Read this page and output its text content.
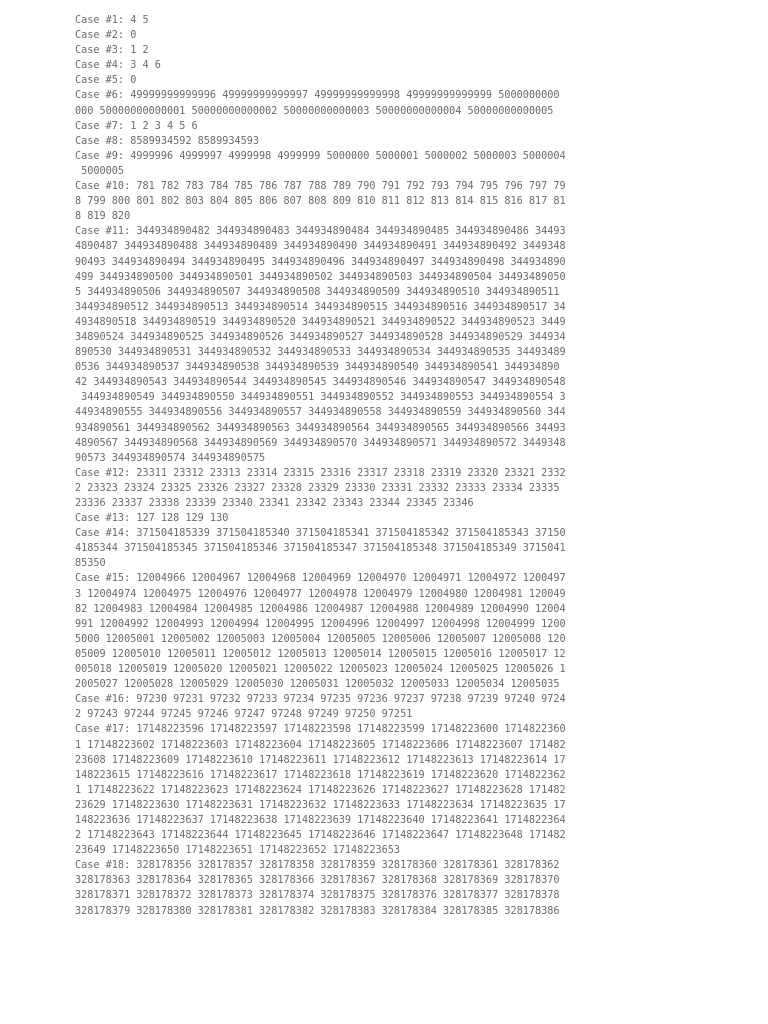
Case #1: 4 5
Case #2: 0
Case #3: 1 2
Case #4: 3 4 6
Case #5: 0
Case #6: 49999999999996 49999999999997 49999999999998 49999999999999 5000000000
000 50000000000001 50000000000002 50000000000003 50000000000004 50000000000005
Case #7: 1 2 3 4 5 6
Case #8: 8589934592 8589934593
Case #9: 4999996 4999997 4999998 4999999 5000000 5000001 5000002 5000003 5000004
5000005
Case #10: 781 782 783 784 785 786 787 788 789 790 791 792 793 794 795 796 797 79
8 799 800 801 802 803 804 805 806 807 808 809 810 811 812 813 814 815 816 817 81
8 819 820
Case #11: 344934890482 344934890483 344934890484 344934890485 344934890486 34493
4890487 344934890488 344934890489 344934890490 344934890491 344934890492 3449348
90493 344934890494 344934890495 344934890496 344934890497 344934890498 344934890
499 344934890500 344934890501 344934890502 344934890503 344934890504 34493489050
5 344934890506 344934890507 344934890508 344934890509 344934890510 344934890511
344934890512 344934890513 344934890514 344934890515 344934890516 344934890517 34
4934890518 344934890519 344934890520 344934890521 344934890522 344934890523 3449
34890524 344934890525 344934890526 344934890527 344934890528 344934890529 344934
890530 344934890531 344934890532 344934890533 344934890534 344934890535 34493489
0536 344934890537 344934890538 344934890539 344934890540 344934890541 344934890
42 344934890543 344934890544 344934890545 344934890546 344934890547 344934890548
344934890549 344934890550 344934890551 344934890552 344934890553 344934890554 3
44934890555 344934890556 344934890557 344934890558 344934890559 344934890560 344
934890561 344934890562 344934890563 344934890564 344934890565 344934890566 34493
4890567 344934890568 344934890569 344934890570 344934890571 344934890572 3449348
90573 344934890574 344934890575
Case #12: 23311 23312 23313 23314 23315 23316 23317 23318 23319 23320 23321 2332
2 23323 23324 23325 23326 23327 23328 23329 23330 23331 23332 23333 23334 23335
23336 23337 23338 23339 23340 23341 23342 23343 23344 23345 23346
Case #13: 127 128 129 130
Case #14: 371504185339 371504185340 371504185341 371504185342 371504185343 37150
4185344 371504185345 371504185346 371504185347 371504185348 371504185349 3715041
85350
Case #15: 12004966 12004967 12004968 12004969 12004970 12004971 12004972 1200497
3 12004974 12004975 12004976 12004977 12004978 12004979 12004980 12004981 120049
82 12004983 12004984 12004985 12004986 12004987 12004988 12004989 12004990 12004
991 12004992 12004993 12004994 12004995 12004996 12004997 12004998 12004999 1200
5000 12005001 12005002 12005003 12005004 12005005 12005006 12005007 12005008 120
05009 12005010 12005011 12005012 12005013 12005014 12005015 12005016 12005017 12
005018 12005019 12005020 12005021 12005022 12005023 12005024 12005025 12005026 1
2005027 12005028 12005029 12005030 12005031 12005032 12005033 12005034 12005035
Case #16: 97230 97231 97232 97233 97234 97235 97236 97237 97238 97239 97240 9724
2 97243 97244 97245 97246 97247 97248 97249 97250 97251
Case #17: 17148223596 17148223597 17148223598 17148223599 17148223600 1714822360
1 17148223602 17148223603 17148223604 17148223605 17148223606 17148223607 171482
23608 17148223609 17148223610 17148223611 17148223612 17148223613 17148223614 17
148223615 17148223616 17148223617 17148223618 17148223619 17148223620 1714822362
1 17148223622 17148223623 17148223624 17148223626 17148223627 17148223628 171482
23629 17148223630 17148223631 17148223632 17148223633 17148223634 17148223635 17
148223636 17148223637 17148223638 17148223639 17148223640 17148223641 1714822364
2 17148223643 17148223644 17148223645 17148223646 17148223647 17148223648 171482
23649 17148223650 17148223651 17148223652 17148223653
Case #18: 328178356 328178357 328178358 328178359 328178360 328178361 328178362
328178363 328178364 328178365 328178366 328178367 328178368 328178369 328178370
328178371 328178372 328178373 328178374 328178375 328178376 328178377 328178378
328178379 328178380 328178381 328178382 328178383 328178384 328178385 328178386
